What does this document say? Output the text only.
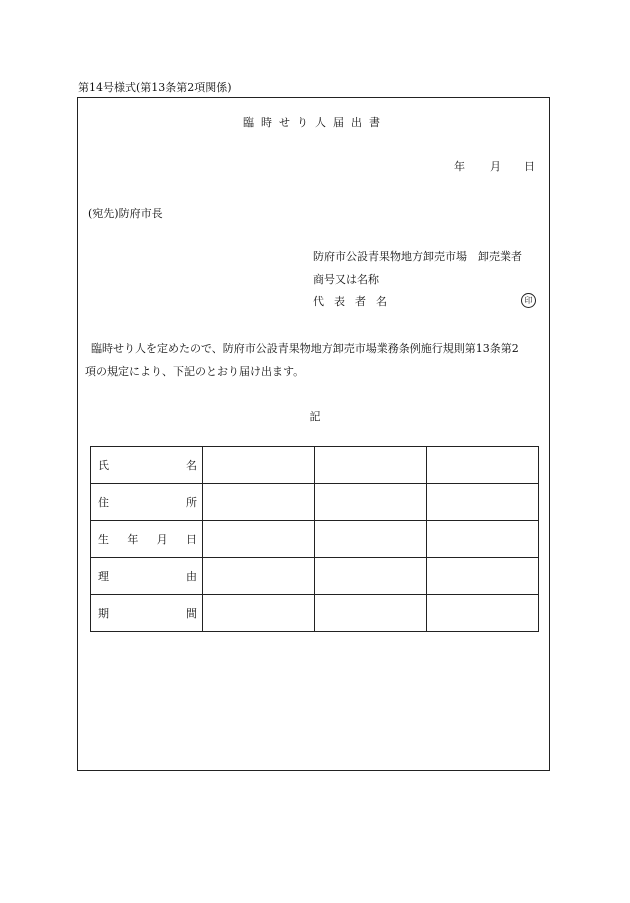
第14号様式(第13条第2項関係)
臨時せり人届出書
年 月 日
(宛先)防府市長
防府市公設青果物地方卸売市場　卸売業者
商号又は名称
代表者名	印
臨時せり人を定めたので、防府市公設青果物地方卸売市場業務条例施行規則第13条第2
項の規定により、下記のとおり届け出ます。
記
氏 名			

住 所			

生 年 月 日			

理 由			

期 間			
